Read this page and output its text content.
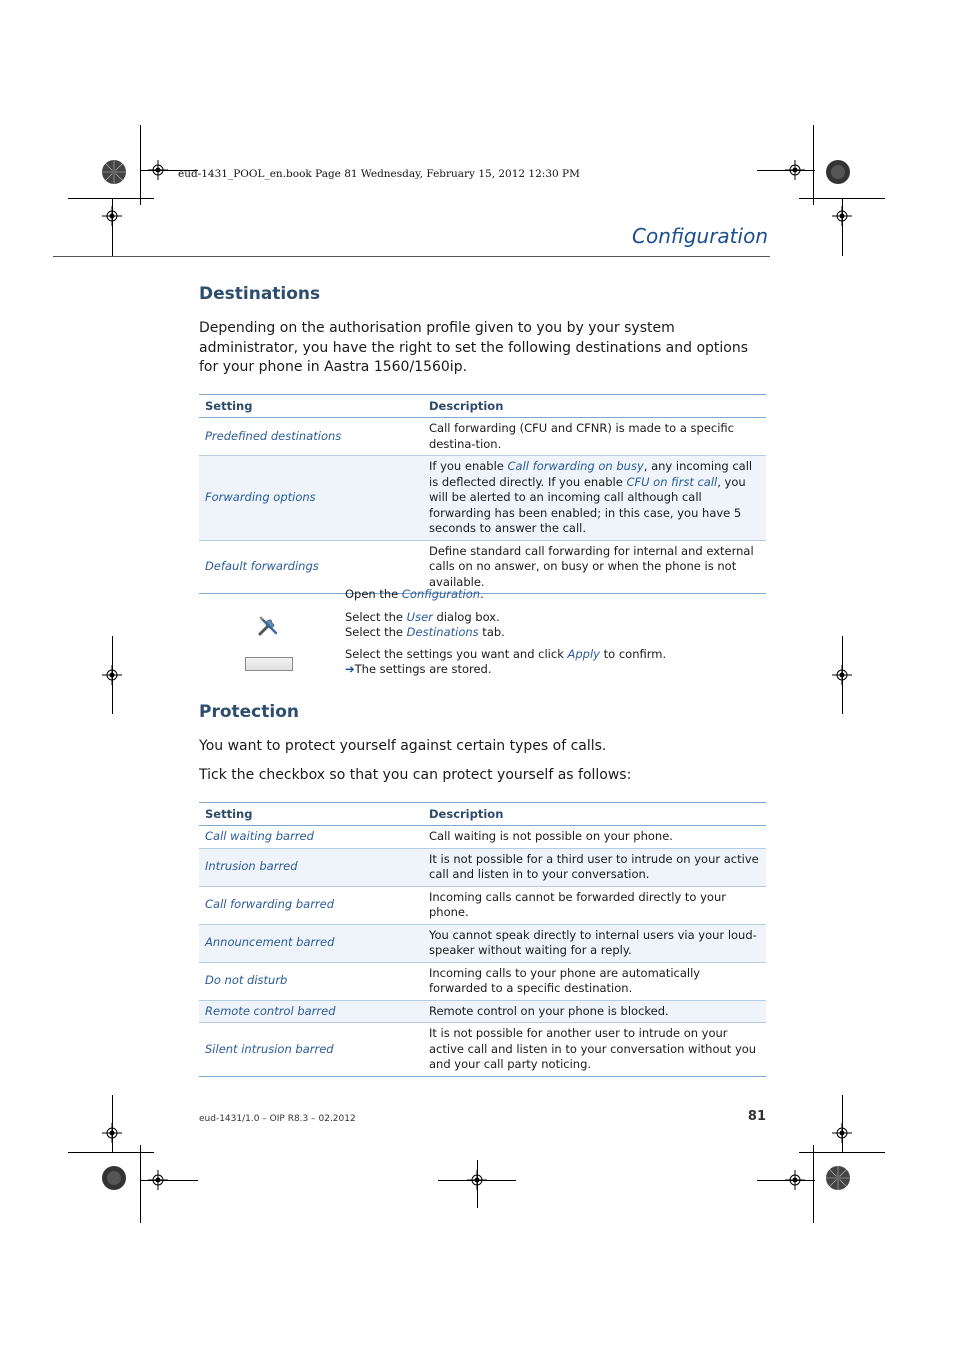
eud-1431_POOL_en.book Page 81 Wednesday, February 15, 2012 12:30 PM
Configuration
Destinations
Depending on the authorisation profile given to you by your system administrator, you have the right to set the following destinations and options for your phone in Aastra 1560/1560ip.
Setting	Description
Predefined destinations	Call forwarding (CFU and CFNR) is made to a specific destina-tion.
Forwarding options	If you enable Call forwarding on busy, any incoming call is deflected directly. If you enable CFU on first call, you will be alerted to an incoming call although call forwarding has been enabled; in this case, you have 5 seconds to answer the call.
Default forwardings	Define standard call forwarding for internal and external calls on no answer, on busy or when the phone is not available.
Open the Configuration.
Select the User dialog box.
Select the Destinations tab.
Select the settings you want and click Apply to confirm.
➔The settings are stored.
Protection
You want to protect yourself against certain types of calls.
Tick the checkbox so that you can protect yourself as follows:
Setting	Description
Call waiting barred	Call waiting is not possible on your phone.
Intrusion barred	It is not possible for a third user to intrude on your active call and listen in to your conversation.
Call forwarding barred	Incoming calls cannot be forwarded directly to your phone.
Announcement barred	You cannot speak directly to internal users via your loud-speaker without waiting for a reply.
Do not disturb	Incoming calls to your phone are automatically forwarded to a specific destination.
Remote control barred	Remote control on your phone is blocked.
Silent intrusion barred	It is not possible for another user to intrude on your active call and listen in to your conversation without you and your call party noticing.
eud-1431/1.0 – OIP R8.3 – 02.2012	81
